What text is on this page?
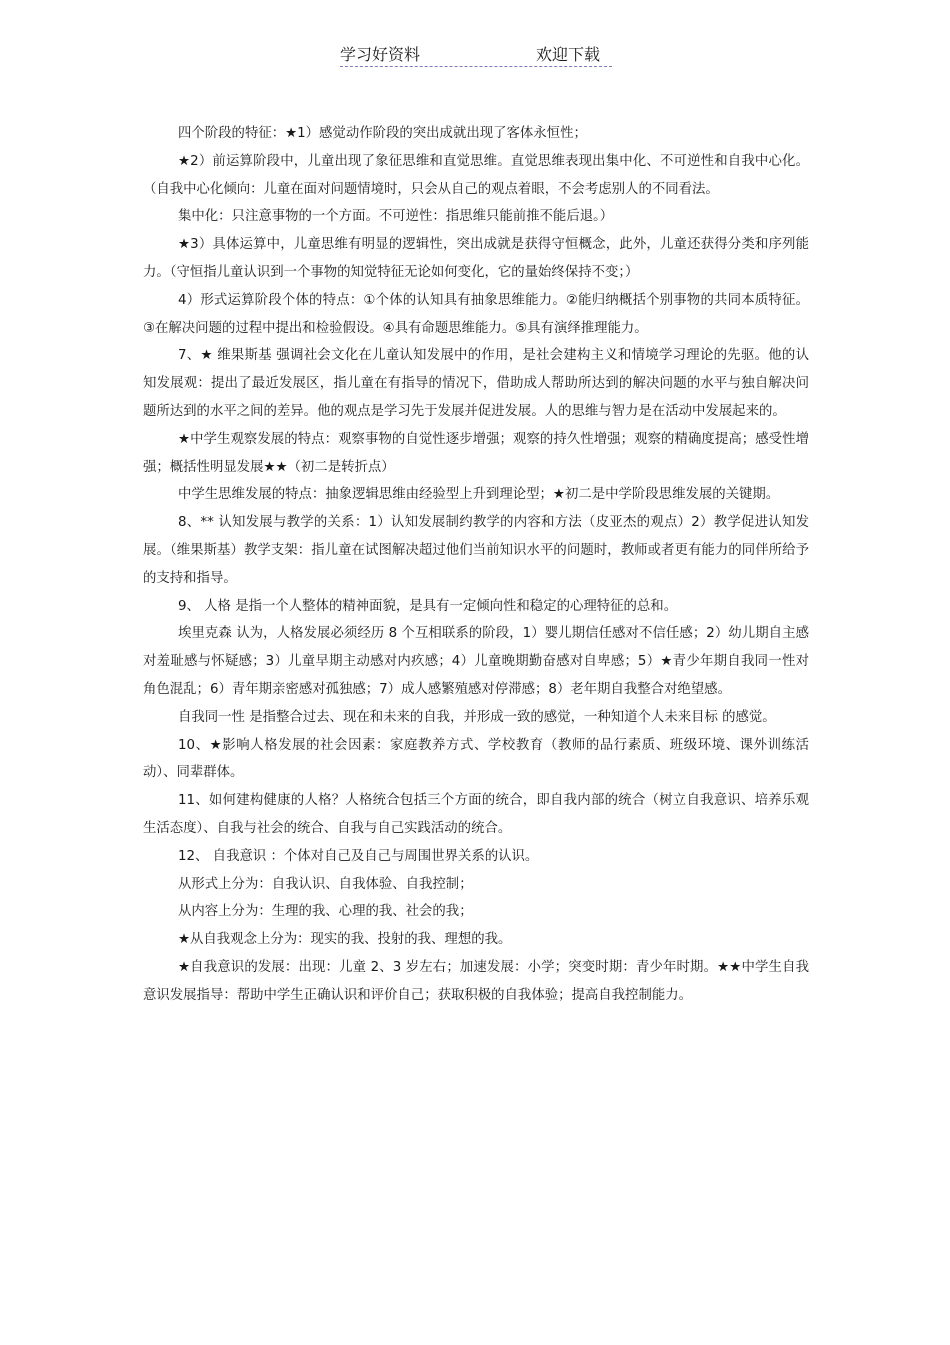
学习好资料	欢迎下载

四个阶段的特征：★1）感觉动作阶段的突出成就出现了客体永恒性；

★2）前运算阶段中，儿童出现了象征思维和直觉思维。直觉思维表现出集中化、不可逆性和自我中心化。（自我中心化倾向：儿童在面对问题情境时，只会从自己的观点着眼，不会考虑别人的不同看法。

集中化：只注意事物的一个方面。不可逆性：指思维只能前推不能后退。）

★3）具体运算中，儿童思维有明显的逻辑性，突出成就是获得守恒概念，此外，儿童还获得分类和序列能力。（守恒指儿童认识到一个事物的知觉特征无论如何变化，它的量始终保持不变；）

4）形式运算阶段个体的特点：①个体的认知具有抽象思维能力。②能归纳概括个别事物的共同本质特征。③在解决问题的过程中提出和检验假设。④具有命题思维能力。⑤具有演绎推理能力。

7、★ 维果斯基 强调社会文化在儿童认知发展中的作用，是社会建构主义和情境学习理论的先驱。他的认知发展观：提出了最近发展区，指儿童在有指导的情况下，借助成人帮助所达到的解决问题的水平与独自解决问题所达到的水平之间的差异。他的观点是学习先于发展并促进发展。人的思维与智力是在活动中发展起来的。

★中学生观察发展的特点：观察事物的自觉性逐步增强；观察的持久性增强；观察的精确度提高；感受性增强；概括性明显发展★★（初二是转折点）

中学生思维发展的特点：抽象逻辑思维由经验型上升到理论型；★初二是中学阶段思维发展的关键期。

8、** 认知发展与教学的关系：1）认知发展制约教学的内容和方法（皮亚杰的观点）2）教学促进认知发展。（维果斯基）教学支架：指儿童在试图解决超过他们当前知识水平的问题时，教师或者更有能力的同伴所给予的支持和指导。

9、 人格 是指一个人整体的精神面貌，是具有一定倾向性和稳定的心理特征的总和。

埃里克森 认为，人格发展必须经历 8 个互相联系的阶段，1）婴儿期信任感对不信任感；2）幼儿期自主感对羞耻感与怀疑感；3）儿童早期主动感对内疚感；4）儿童晚期勤奋感对自卑感；5）★青少年期自我同一性对角色混乱；6）青年期亲密感对孤独感；7）成人感繁殖感对停滞感；8）老年期自我整合对绝望感。

自我同一性 是指整合过去、现在和未来的自我，并形成一致的感觉，一种知道个人未来目标 的感觉。

10、★影响人格发展的社会因素：家庭教养方式、学校教育（教师的品行素质、班级环境、课外训练活动）、同辈群体。

11、如何建构健康的人格？人格统合包括三个方面的统合，即自我内部的统合（树立自我意识、培养乐观生活态度）、自我与社会的统合、自我与自己实践活动的统合。

12、 自我意识 ：个体对自己及自己与周围世界关系的认识。

从形式上分为：自我认识、自我体验、自我控制；

从内容上分为：生理的我、心理的我、社会的我；

★从自我观念上分为：现实的我、投射的我、理想的我。

★自我意识的发展：出现：儿童 2、3 岁左右；加速发展：小学；突变时期：青少年时期。★★中学生自我意识发展指导：帮助中学生正确认识和评价自己；获取积极的自我体验；提高自我控制能力。
